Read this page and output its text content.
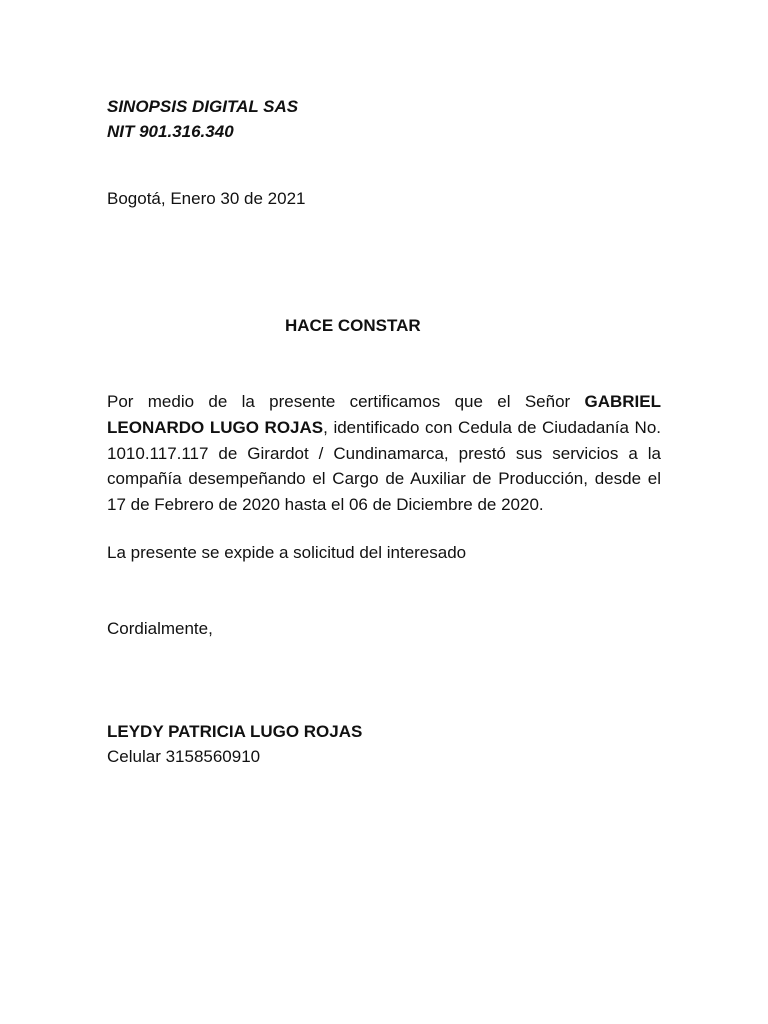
SINOPSIS DIGITAL SAS
NIT 901.316.340
Bogotá, Enero 30 de 2021
HACE CONSTAR
Por medio de la presente certificamos que el Señor GABRIEL LEONARDO LUGO ROJAS, identificado con Cedula de Ciudadanía No. 1010.117.117 de Girardot / Cundinamarca, prestó sus servicios a la compañía desempeñando el Cargo de Auxiliar de Producción, desde el 17 de Febrero de 2020 hasta el 06 de Diciembre de 2020.
La presente se expide a solicitud del interesado
Cordialmente,
LEYDY PATRICIA LUGO ROJAS
Celular 3158560910
